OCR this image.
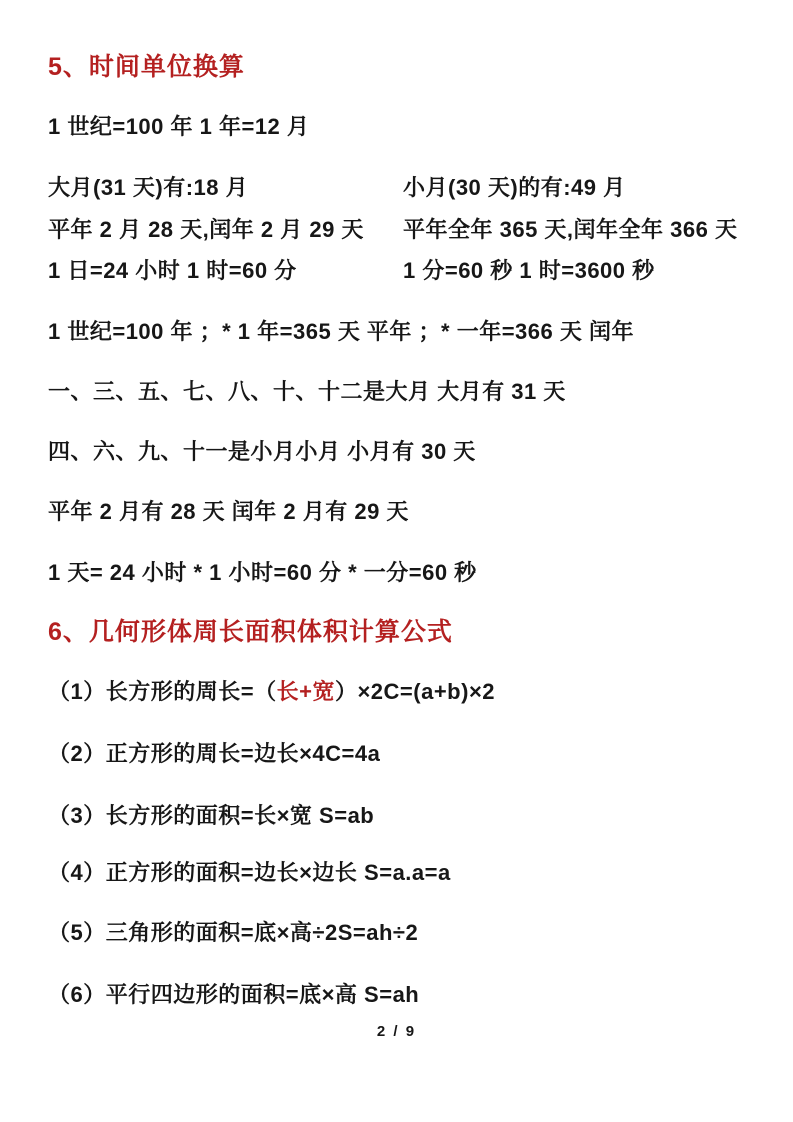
5、时间单位换算
1 世纪=100 年 1 年=12 月
大月(31 天)有:18 月	小月(30 天)的有:49 月
平年 2 月 28 天,闰年 2 月 29 天 平年全年 365 天,闰年全年 366 天
1 日=24 小时 1 时=60 分	1 分=60 秒 1 时=3600 秒
1 世纪=100 年 ；* 1 年=365 天 平年 ；* 一年=366 天 闰年
一、三、五、七、八、十、十二是大月 大月有 31 天
四、六、九、十一是小月小月 小月有 30 天
平年 2 月有 28 天 闰年 2 月有 29 天
1 天= 24 小时 * 1 小时=60 分 * 一分=60 秒
6、几何形体周长面积体积计算公式
（1）长方形的周长=（长+宽）×2C=(a+b)×2
（2）正方形的周长=边长×4C=4a
（3）长方形的面积=长×宽 S=ab
（4）正方形的面积=边长×边长 S=a.a=a
（5）三角形的面积=底×高÷2S=ah÷2
（6）平行四边形的面积=底×高 S=ah
2 / 9
